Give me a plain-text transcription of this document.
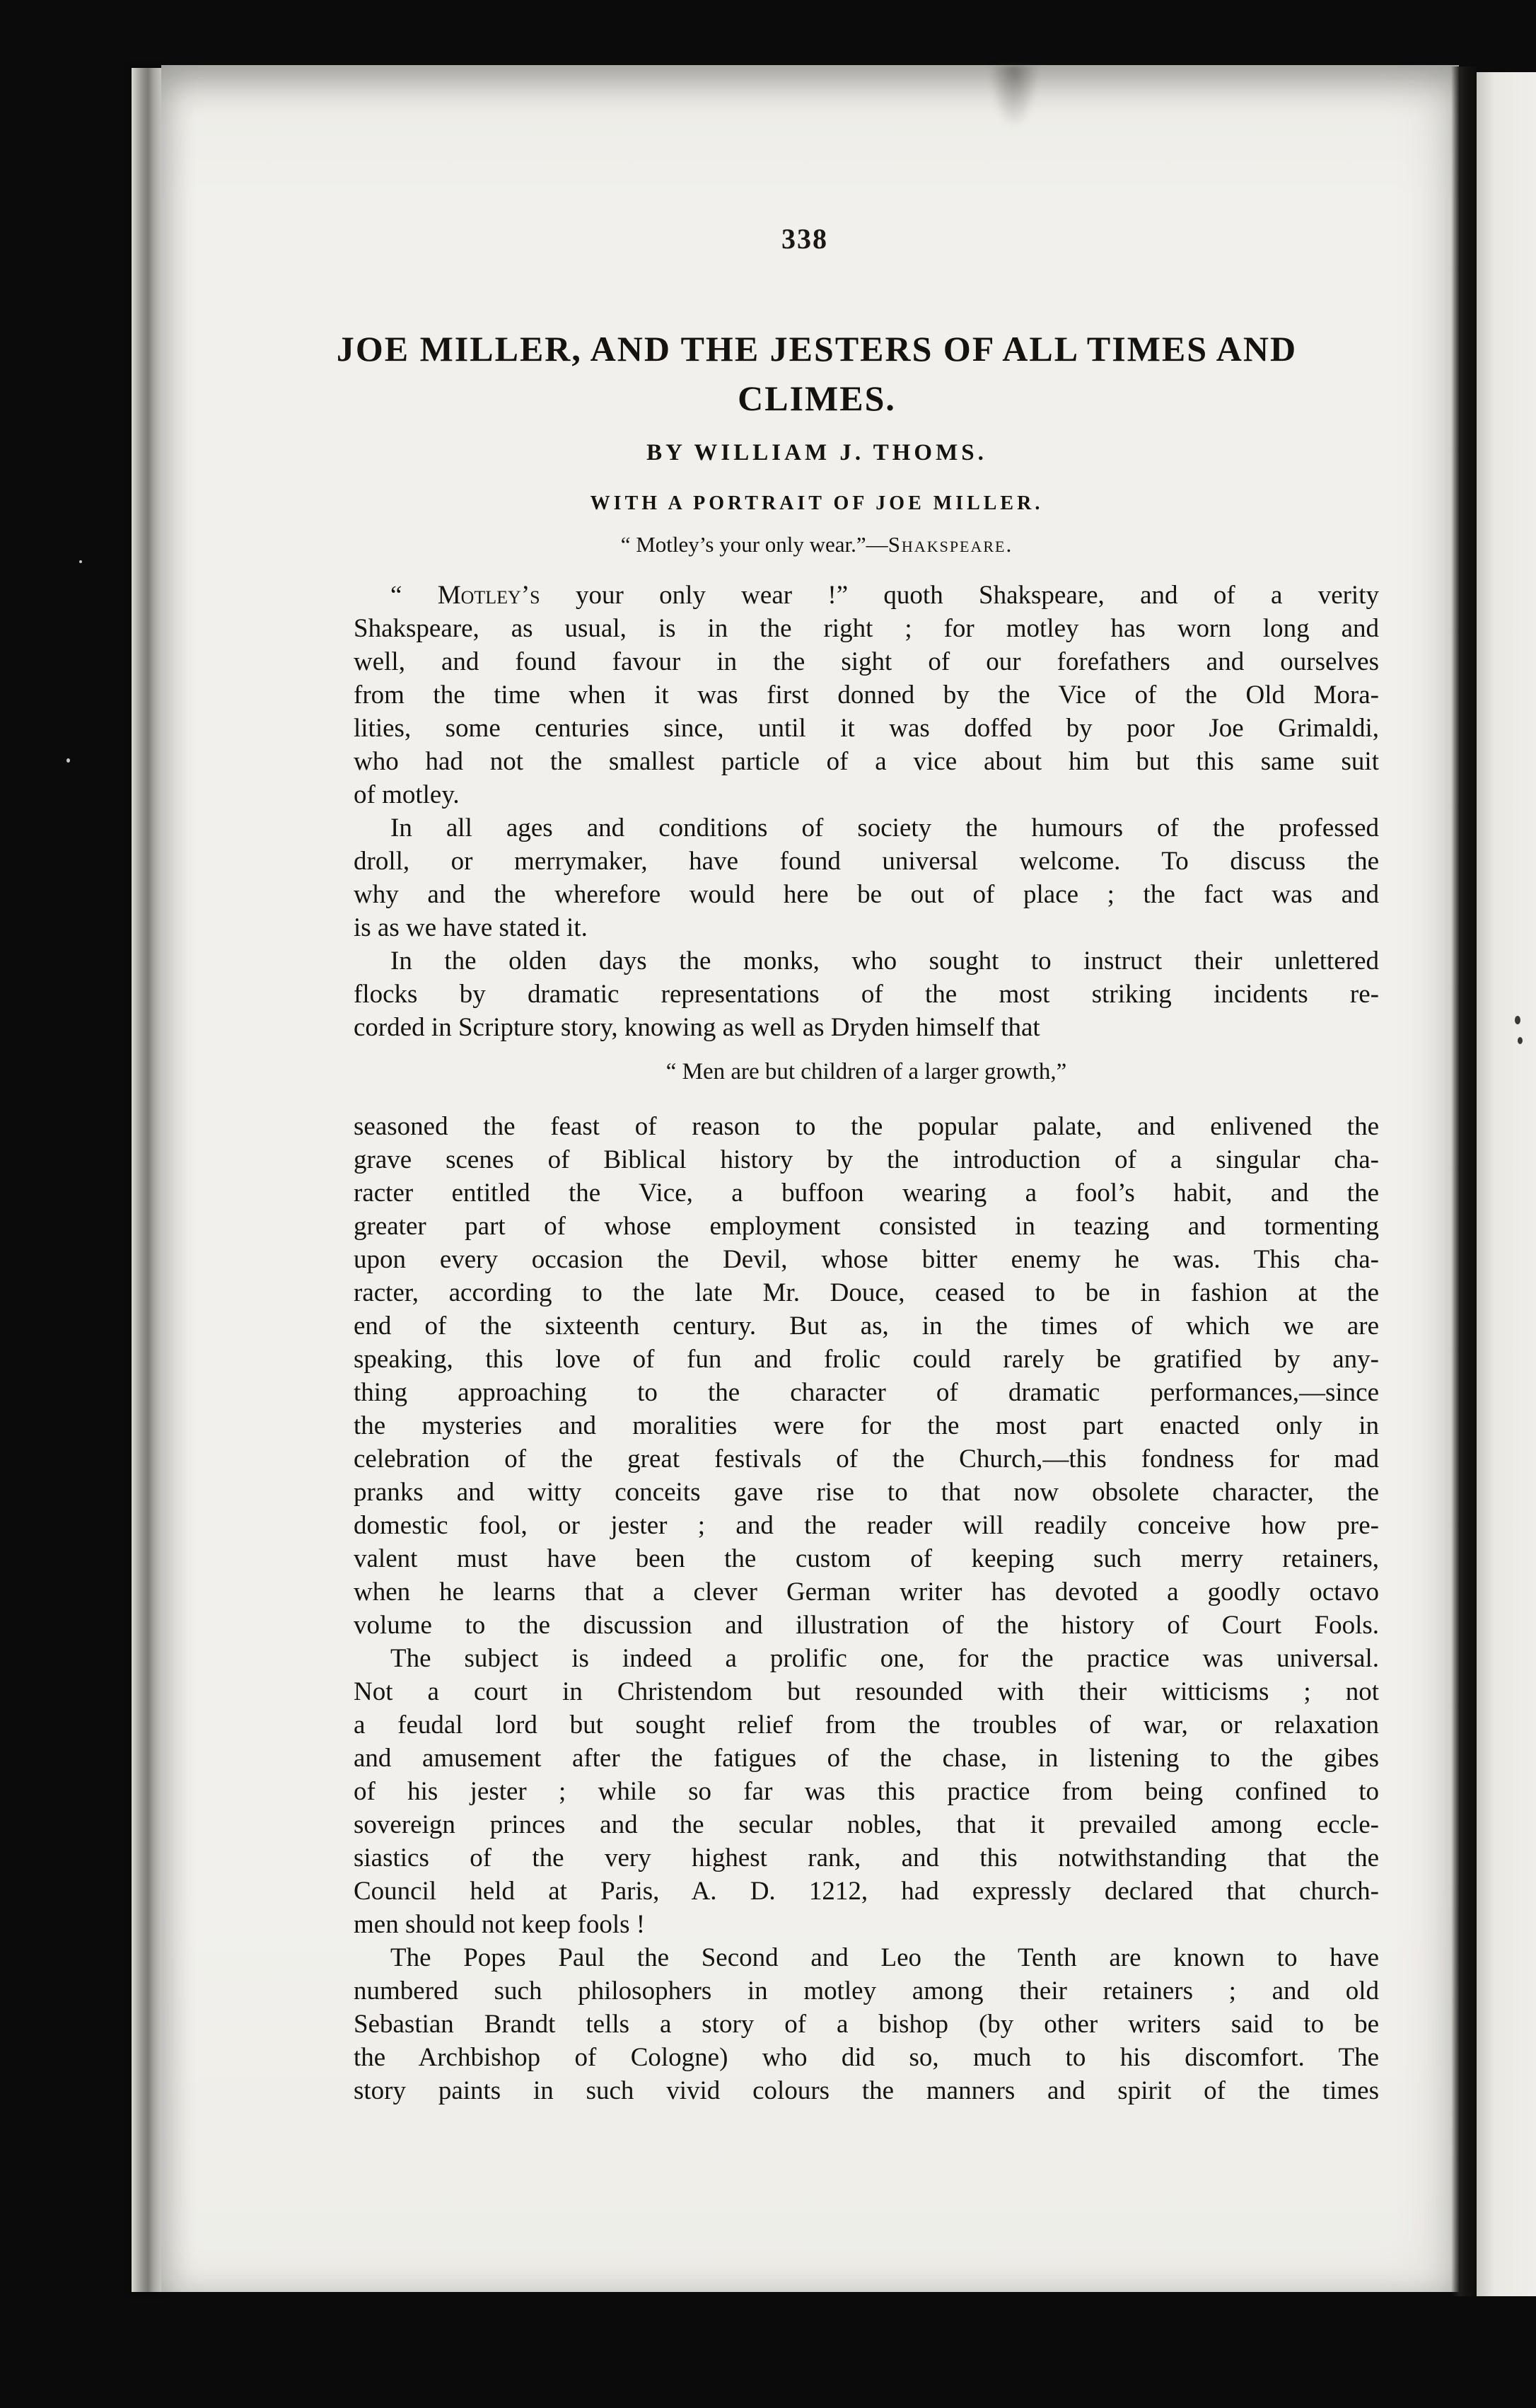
338
JOE MILLER, AND THE JESTERS OF ALL TIMES AND
CLIMES.
BY WILLIAM J. THOMS.
WITH A PORTRAIT OF JOE MILLER.
“ Motley’s your only wear.”—Shakspeare.
“ Motley’s your only wear !” quoth Shakspeare, and of a verity
Shakspeare, as usual, is in the right ; for motley has worn long and
well, and found favour in the sight of our forefathers and ourselves
from the time when it was first donned by the Vice of the Old Mora-
lities, some centuries since, until it was doffed by poor Joe Grimaldi,
who had not the smallest particle of a vice about him but this same suit
of motley.
In all ages and conditions of society the humours of the professed
droll, or merrymaker, have found universal welcome. To discuss the
why and the wherefore would here be out of place ; the fact was and
is as we have stated it.
In the olden days the monks, who sought to instruct their unlettered
flocks by dramatic representations of the most striking incidents re-
corded in Scripture story, knowing as well as Dryden himself that
“ Men are but children of a larger growth,”
seasoned the feast of reason to the popular palate, and enlivened the
grave scenes of Biblical history by the introduction of a singular cha-
racter entitled the Vice, a buffoon wearing a fool’s habit, and the
greater part of whose employment consisted in teazing and tormenting
upon every occasion the Devil, whose bitter enemy he was. This cha-
racter, according to the late Mr. Douce, ceased to be in fashion at the
end of the sixteenth century. But as, in the times of which we are
speaking, this love of fun and frolic could rarely be gratified by any-
thing approaching to the character of dramatic performances,—since
the mysteries and moralities were for the most part enacted only in
celebration of the great festivals of the Church,—this fondness for mad
pranks and witty conceits gave rise to that now obsolete character, the
domestic fool, or jester ; and the reader will readily conceive how pre-
valent must have been the custom of keeping such merry retainers,
when he learns that a clever German writer has devoted a goodly octavo
volume to the discussion and illustration of the history of Court Fools.
The subject is indeed a prolific one, for the practice was universal.
Not a court in Christendom but resounded with their witticisms ; not
a feudal lord but sought relief from the troubles of war, or relaxation
and amusement after the fatigues of the chase, in listening to the gibes
of his jester ; while so far was this practice from being confined to
sovereign princes and the secular nobles, that it prevailed among eccle-
siastics of the very highest rank, and this notwithstanding that the
Council held at Paris, A. D. 1212, had expressly declared that church-
men should not keep fools !
The Popes Paul the Second and Leo the Tenth are known to have
numbered such philosophers in motley among their retainers ; and old
Sebastian Brandt tells a story of a bishop (by other writers said to be
the Archbishop of Cologne) who did so, much to his discomfort. The
story paints in such vivid colours the manners and spirit of the times
